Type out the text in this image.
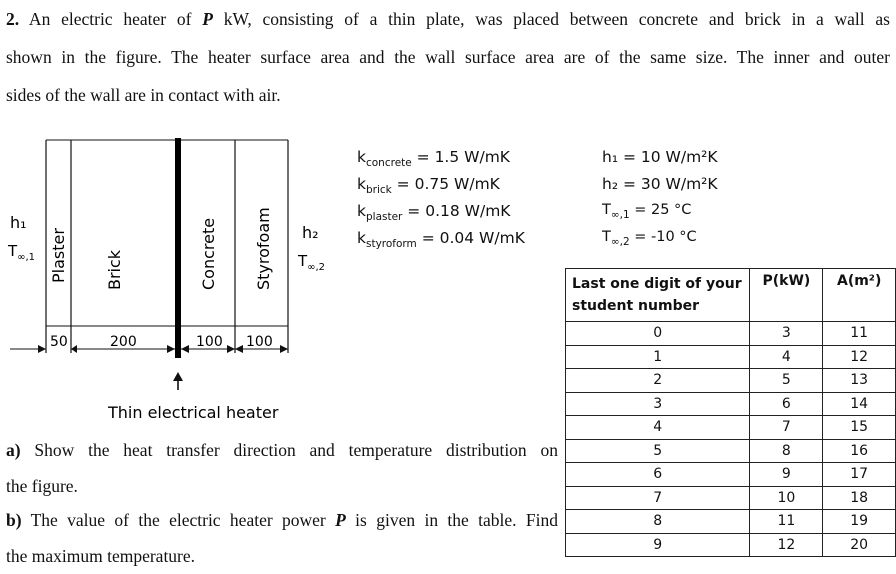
2. An electric heater of P kW, consisting of a thin plate, was placed between concrete and brick in a wall as
shown in the figure. The heater surface area and the wall surface area are of the same size. The inner and outer
sides of the wall are in contact with air.
Plaster Brick	Concrete Styrofoam
h₁
$T_{\infty,1}$
h₂
$T_{\infty,2}$
50	200	100 100
Thin electrical heater
$k_{concrete} = 1.5$ W/mK
$k_{brick} = 0.75$ W/mK
$k_{plaster} = 0.18$ W/mK
$k_{styroform} = 0.04$ W/mK
h₁ = 10 W/m²K
h₂ = 30 W/m²K
$T_{\infty,1} = 25$ °C
$T_{\infty,2} = -10$ °C
Last one digit of your student number	P(kW)	A(m²)
0	3	11
1	4	12
2	5	13
3	6	14
4	7	15
5	8	16
6	9	17
7	10	18
8	11	19
9	12	20
a) Show the heat transfer direction and temperature distribution on
the figure.
b) The value of the electric heater power P is given in the table. Find
the maximum temperature.
